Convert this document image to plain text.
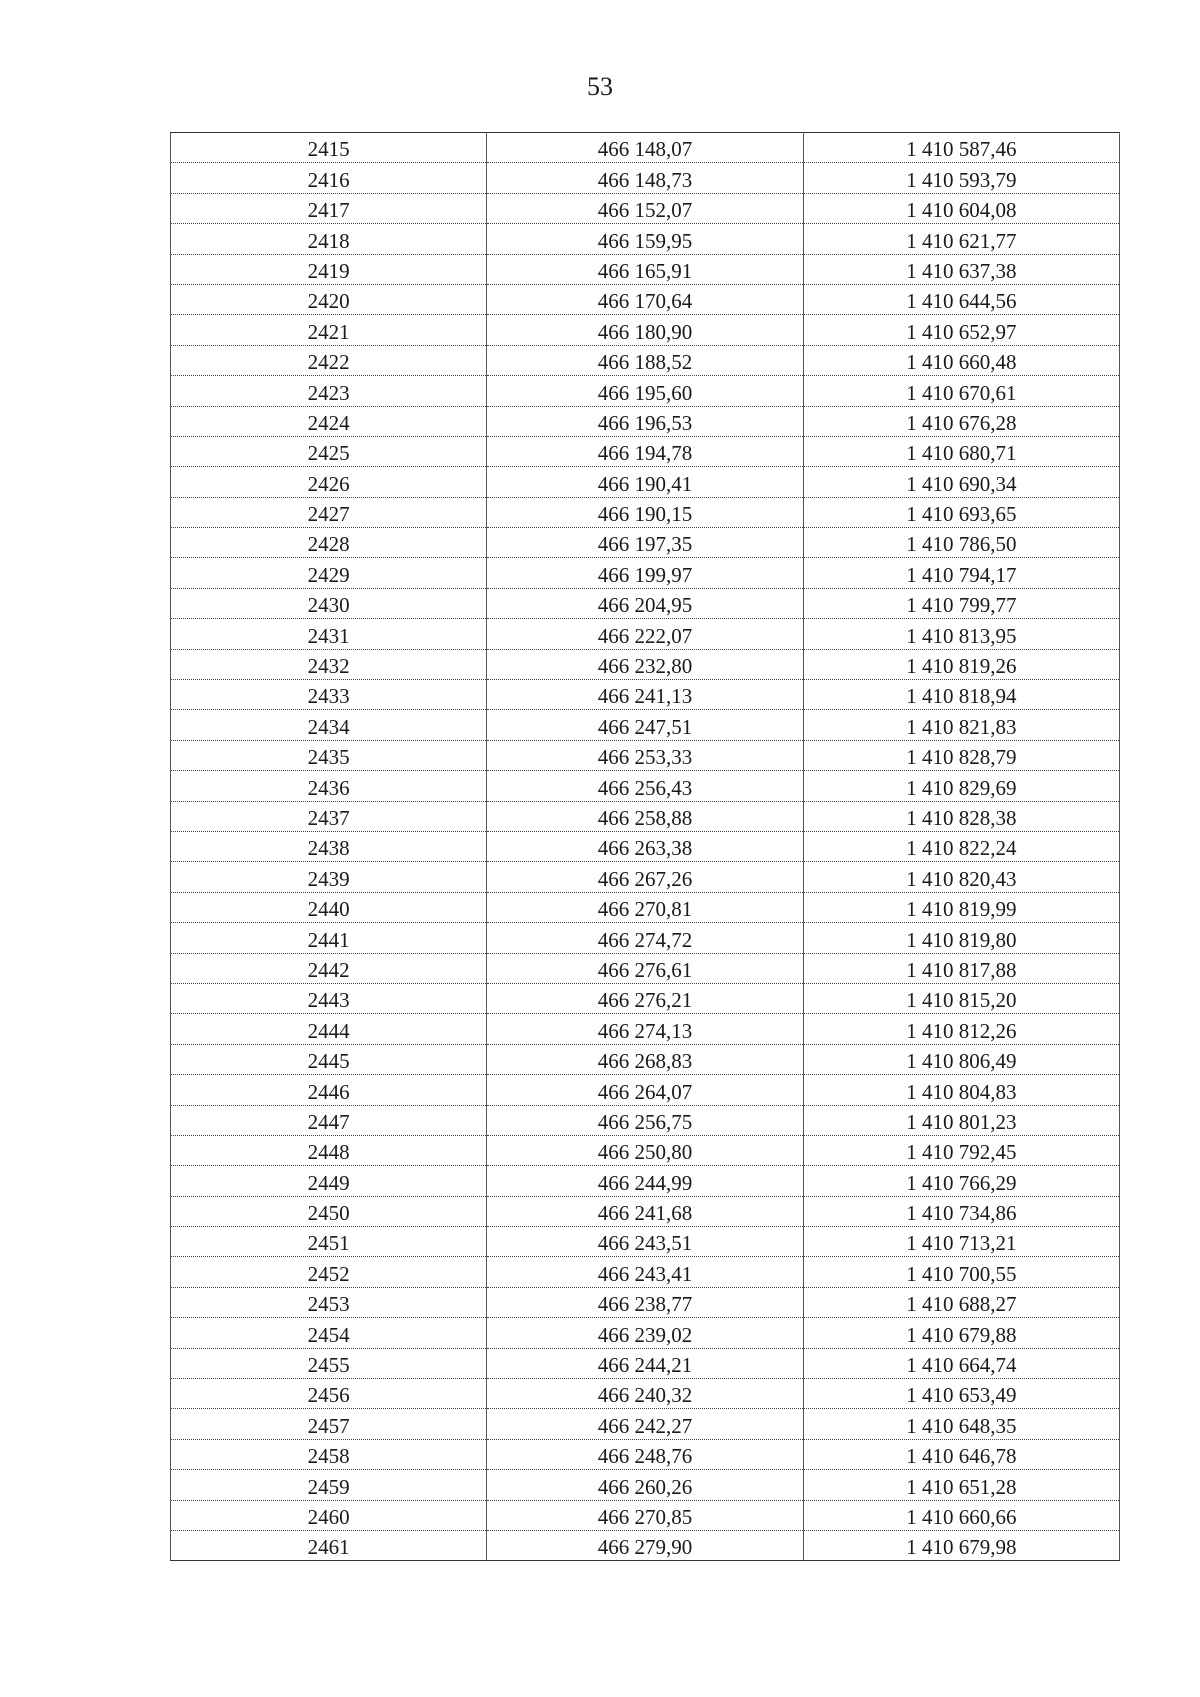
53
2415	466 148,07	1 410 587,46
2416	466 148,73	1 410 593,79
2417	466 152,07	1 410 604,08
2418	466 159,95	1 410 621,77
2419	466 165,91	1 410 637,38
2420	466 170,64	1 410 644,56
2421	466 180,90	1 410 652,97
2422	466 188,52	1 410 660,48
2423	466 195,60	1 410 670,61
2424	466 196,53	1 410 676,28
2425	466 194,78	1 410 680,71
2426	466 190,41	1 410 690,34
2427	466 190,15	1 410 693,65
2428	466 197,35	1 410 786,50
2429	466 199,97	1 410 794,17
2430	466 204,95	1 410 799,77
2431	466 222,07	1 410 813,95
2432	466 232,80	1 410 819,26
2433	466 241,13	1 410 818,94
2434	466 247,51	1 410 821,83
2435	466 253,33	1 410 828,79
2436	466 256,43	1 410 829,69
2437	466 258,88	1 410 828,38
2438	466 263,38	1 410 822,24
2439	466 267,26	1 410 820,43
2440	466 270,81	1 410 819,99
2441	466 274,72	1 410 819,80
2442	466 276,61	1 410 817,88
2443	466 276,21	1 410 815,20
2444	466 274,13	1 410 812,26
2445	466 268,83	1 410 806,49
2446	466 264,07	1 410 804,83
2447	466 256,75	1 410 801,23
2448	466 250,80	1 410 792,45
2449	466 244,99	1 410 766,29
2450	466 241,68	1 410 734,86
2451	466 243,51	1 410 713,21
2452	466 243,41	1 410 700,55
2453	466 238,77	1 410 688,27
2454	466 239,02	1 410 679,88
2455	466 244,21	1 410 664,74
2456	466 240,32	1 410 653,49
2457	466 242,27	1 410 648,35
2458	466 248,76	1 410 646,78
2459	466 260,26	1 410 651,28
2460	466 270,85	1 410 660,66
2461	466 279,90	1 410 679,98
